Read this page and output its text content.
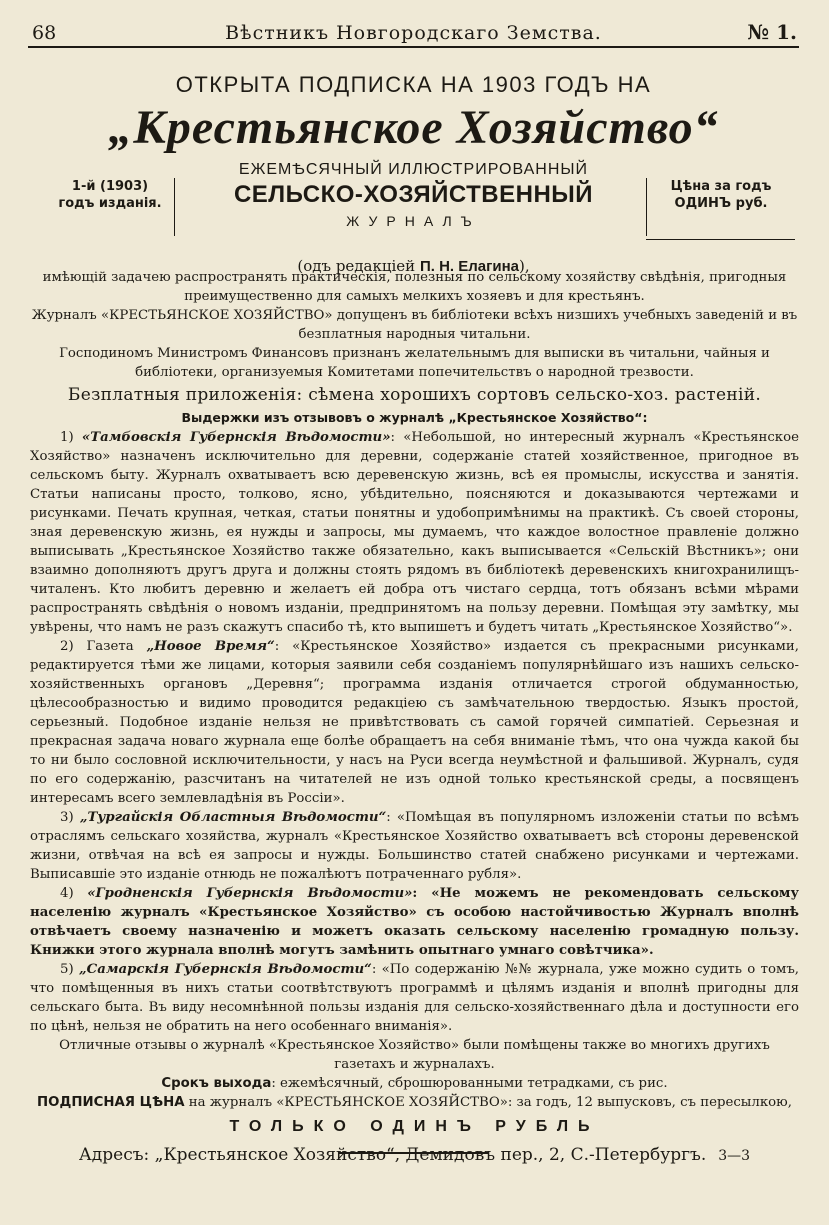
68	Вѣстникъ Новгородскаго Земства.	№ 1.

ОТКРЫТА ПОДПИСКА НА 1903 ГОДЪ НА

„Крестьянское Хозяйство“

1-й (1903)
годъ изданія.
Цѣна за годъ
ОДИНЪ руб.
ЕЖЕМѢСЯЧНЫЙ ИЛЛЮСТРИРОВАННЫЙ
СЕЛЬСКО-ХОЗЯЙСТВЕННЫЙ
ЖУРНАЛЪ
(одъ редакціей П. Н. Елагина),

имѣющій задачею распространять практическія, полезныя по сельскому хозяйству свѣдѣнія, пригодныя преимущественно для самыхъ мелкихъ хозяевъ и для крестьянъ.

Журналъ «КРЕСТЬЯНСКОЕ ХОЗЯЙСТВО» допущенъ въ библіотеки всѣхъ низшихъ учебныхъ заведеній и въ безплатныя народныя читальни.

Господиномъ Министромъ Финансовъ признанъ желательнымъ для выписки въ читальни, чайныя и библіотеки, организуемыя Комитетами попечительствъ о народной трезвости.

Безплатныя приложенія: сѣмена хорошихъ сортовъ сельско-хоз. растеній.

Выдержки изъ отзывовъ о журналѣ „Крестьянское Хозяйство“:

1) «Тамбовскія Губернскія Вѣдомости»: «Небольшой, но интересный журналъ «Крестьянское Хозяйство» назначенъ исключительно для деревни, содержаніе статей хозяйственное, пригодное въ сельскомъ быту. Журналъ охватываетъ всю деревенскую жизнь, всѣ ея промыслы, искусства и занятія. Статьи написаны просто, толково, ясно, убѣдительно, поясняются и доказываются чертежами и рисунками. Печать крупная, четкая, статьи понятны и удобопримѣнимы на практикѣ. Съ своей стороны, зная деревенскую жизнь, ея нужды и запросы, мы думаемъ, что каждое волостное правленіе должно выписывать „Крестьянское Хозяйство также обязательно, какъ выписывается «Сельскій Вѣстникъ»; они взаимно дополняютъ другъ друга и должны стоять рядомъ въ библіотекѣ деревенскихъ книгохранилищъ-читаленъ. Кто любитъ деревню и желаетъ ей добра отъ чистаго сердца, тотъ обязанъ всѣми мѣрами распространять свѣдѣнія о новомъ изданіи, предпринятомъ на пользу деревни. Помѣщая эту замѣтку, мы увѣрены, что намъ не разъ скажутъ спасибо тѣ, кто выпишетъ и будетъ читать „Крестьянское Хозяйство“».

2) Газета „Новое Время“: «Крестьянское Хозяйство» издается съ прекрасными рисунками, редактируется тѣми же лицами, которыя заявили себя созданіемъ популярнѣйшаго изъ нашихъ сельско-хозяйственныхъ органовъ „Деревня“; программа изданія отличается строгой обдуманностью, цѣлесообразностью и видимо проводится редакціею съ замѣчательною твердостью. Языкъ простой, серьезный. Подобное изданіе нельзя не привѣтствовать съ самой горячей симпатіей. Серьезная и прекрасная задача новаго журнала еще болѣе обращаетъ на себя вниманіе тѣмъ, что она чужда какой бы то ни было сословной исключительности, у насъ на Руси всегда неумѣстной и фальшивой. Журналъ, судя по его содержанію, разсчитанъ на читателей не изъ одной только крестьянской среды, а посвященъ интересамъ всего землевладѣнія въ Россіи».

3) „Тургайскія Областныя Вѣдомости“: «Помѣщая въ популярномъ изложеніи статьи по всѣмъ отраслямъ сельскаго хозяйства, журналъ «Крестьянское Хозяйство охватываетъ всѣ стороны деревенской жизни, отвѣчая на всѣ ея запросы и нужды. Большинство статей снабжено рисунками и чертежами. Выписавшіе это изданіе отнюдь не пожалѣютъ потраченнаго рубля».

4) «Гродненскія Губернскія Вѣдомости»: «Не можемъ не рекомендовать сельскому населенію журналъ «Крестьянское Хозяйство» съ особою настойчивостью Журналъ вполнѣ отвѣчаетъ своему назначенію и можетъ оказать сельскому населенію громадную пользу. Книжки этого журнала вполнѣ могутъ замѣнить опытнаго умнаго совѣтчика».

5) „Самарскія Губернскія Вѣдомости“: «По содержанію №№ журнала, уже можно судить о томъ, что помѣщенныя въ нихъ статьи соотвѣтствуютъ программѣ и цѣлямъ изданія и вполнѣ пригодны для сельскаго быта. Въ виду несомнѣнной пользы изданія для сельско-хозяйственнаго дѣла и доступности его по цѣнѣ, нельзя не обратить на него особеннаго вниманія».

Отличные отзывы о журналѣ «Крестьянское Хозяйство» были помѣщены также во многихъ другихъ газетахъ и журналахъ.

Срокъ выхода: ежемѣсячный, сброшюрованными тетрадками, съ рис.

ПОДПИСНАЯ ЦѢНА на журналъ «КРЕСТЬЯНСКОЕ ХОЗЯЙСТВО»: за годъ, 12 выпусковъ, съ пересылкою,

ТОЛЬКО ОДИНЪ РУБЛЬ

Адресъ: „Крестьянское Хозяйство“, Демидовъ пер., 2, С.-Петербургъ. 3—3
